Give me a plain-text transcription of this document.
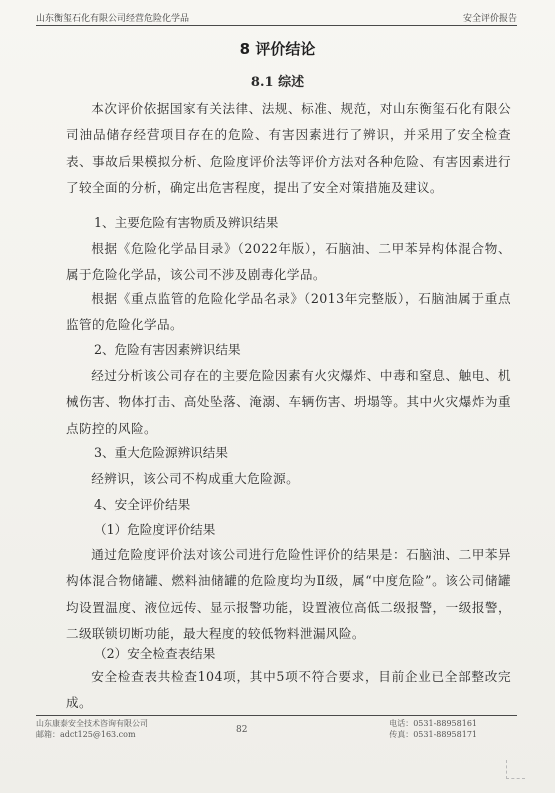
山东衡玺石化有限公司经营危险化学品	安全评价报告
8 评价结论
8.1 综述
本次评价依据国家有关法律、法规、标准、规范，对山东衡玺石化有限公司油品储存经营项目存在的危险、有害因素进行了辨识，并采用了安全检查表、事故后果模拟分析、危险度评价法等评价方法对各种危险、有害因素进行了较全面的分析，确定出危害程度，提出了安全对策措施及建议。
1、主要危险有害物质及辨识结果
根据《危险化学品目录》（2022年版），石脑油、二甲苯异构体混合物、属于危险化学品，该公司不涉及剧毒化学品。
根据《重点监管的危险化学品名录》（2013年完整版），石脑油属于重点监管的危险化学品。
2、危险有害因素辨识结果
经过分析该公司存在的主要危险因素有火灾爆炸、中毒和窒息、触电、机械伤害、物体打击、高处坠落、淹溺、车辆伤害、坍塌等。其中火灾爆炸为重点防控的风险。
3、重大危险源辨识结果
经辨识，该公司不构成重大危险源。
4、安全评价结果
（1）危险度评价结果
通过危险度评价法对该公司进行危险性评价的结果是：石脑油、二甲苯异构体混合物储罐、燃料油储罐的危险度均为Ⅱ级，属“中度危险”。该公司储罐均设置温度、液位远传、显示报警功能，设置液位高低二级报警，一级报警，二级联锁切断功能，最大程度的较低物料泄漏风险。
（2）安全检查表结果
安全检查表共检查104项，其中5项不符合要求，目前企业已全部整改完成。
山东康泰安全技术咨询有限公司
邮箱：adct125@163.com	82
电话：0531-88958161
传真：0531-88958171
